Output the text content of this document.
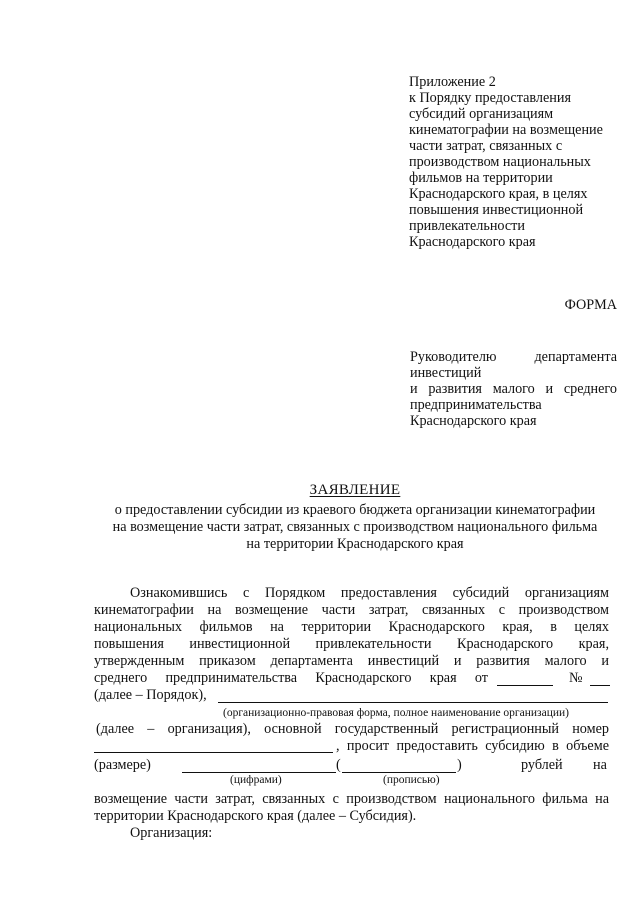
Приложение 2
к Порядку предоставления
субсидий организациям
кинематографии на возмещение
части затрат, связанных с
производством национальных
фильмов на территории
Краснодарского края, в целях
повышения инвестиционной
привлекательности
Краснодарского края
ФОРМА
Руководителю	департамента
инвестиций
и развития малого и среднего
предпринимательства
Краснодарского края
ЗАЯВЛЕНИЕ
о предоставлении субсидии из краевого бюджета организации кинематографии
на возмещение части затрат, связанных с производством национального фильма
на территории Краснодарского края
Ознакомившись с Порядком предоставления субсидий организациям
кинематографии на возмещение части затрат, связанных с производством
национальных фильмов на территории Краснодарского края, в целях
повышения инвестиционной привлекательности Краснодарского края,
утвержденным приказом департамента инвестиций и развития малого и
среднего предпринимательства Краснодарского края от	№
(далее – Порядок),
(организационно-правовая форма, полное наименование организации)
(далее – организация), основной государственный регистрационный номер
, просит предоставить субсидию в объеме
(размере)	(	)	рублей на
(цифрами)	(прописью)
возмещение части затрат, связанных с производством национального фильма на
территории Краснодарского края (далее – Субсидия).
Организация:
